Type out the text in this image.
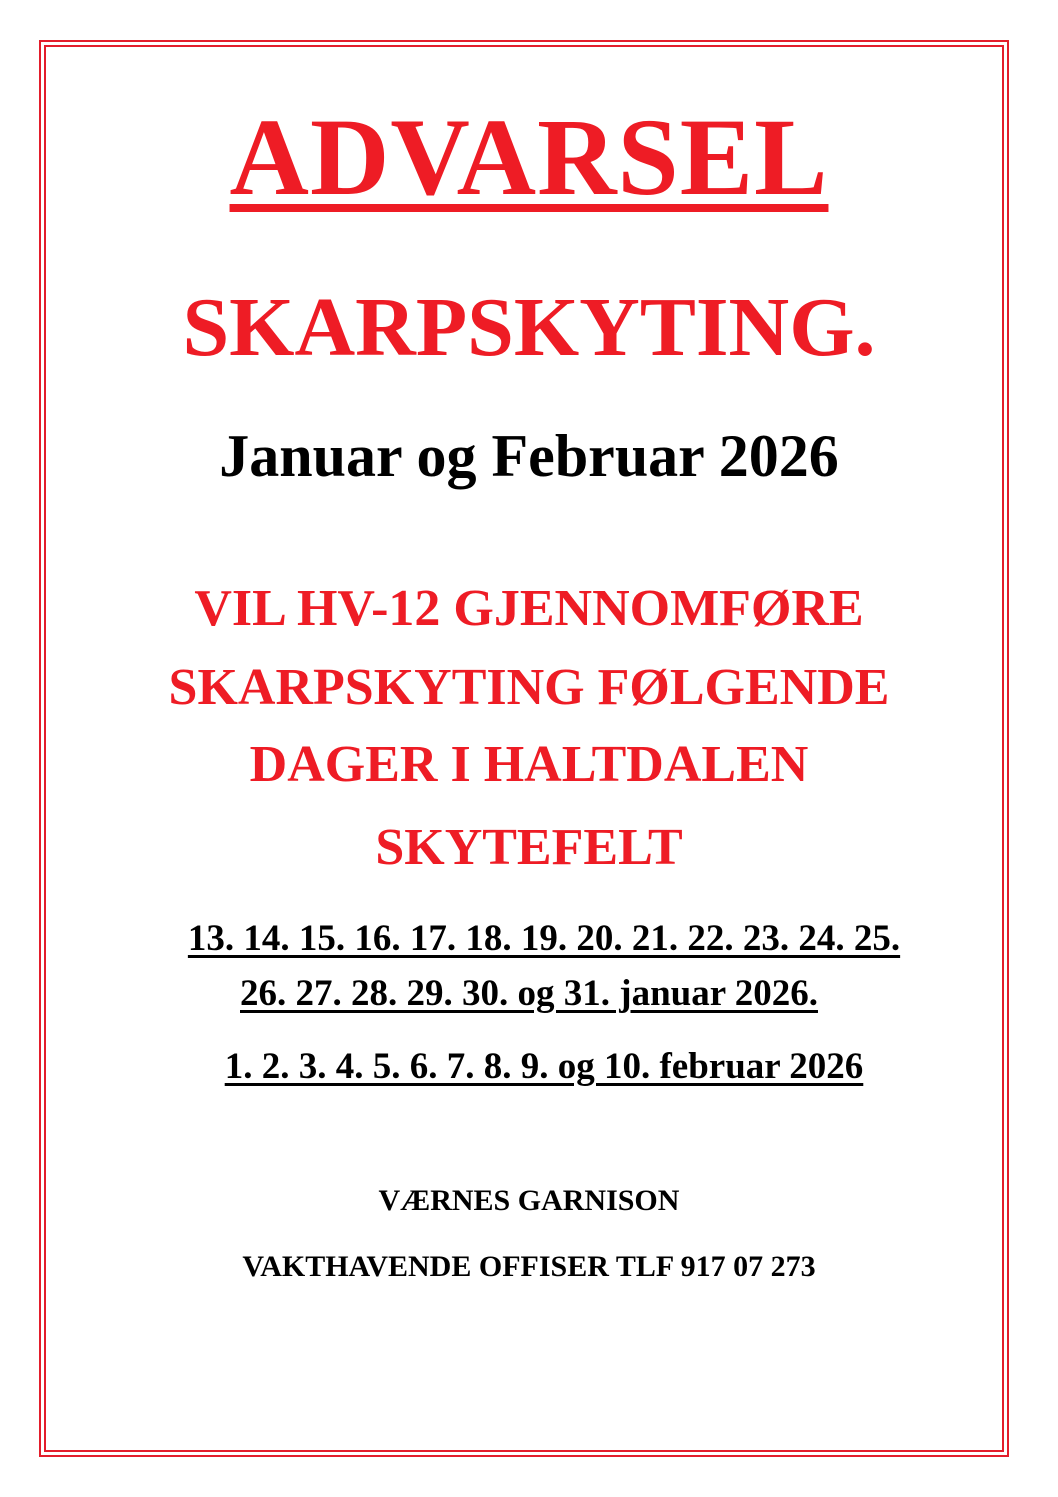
ADVARSEL
SKARPSKYTING.
Januar og Februar 2026
VIL HV-12 GJENNOMFØRE
SKARPSKYTING FØLGENDE
DAGER I HALTDALEN
SKYTEFELT
13. 14. 15. 16. 17. 18. 19. 20. 21. 22. 23. 24. 25.
26. 27. 28. 29. 30. og 31. januar 2026.
1. 2. 3. 4. 5. 6. 7. 8. 9. og 10. februar 2026
VÆRNES GARNISON
VAKTHAVENDE OFFISER TLF 917 07 273
